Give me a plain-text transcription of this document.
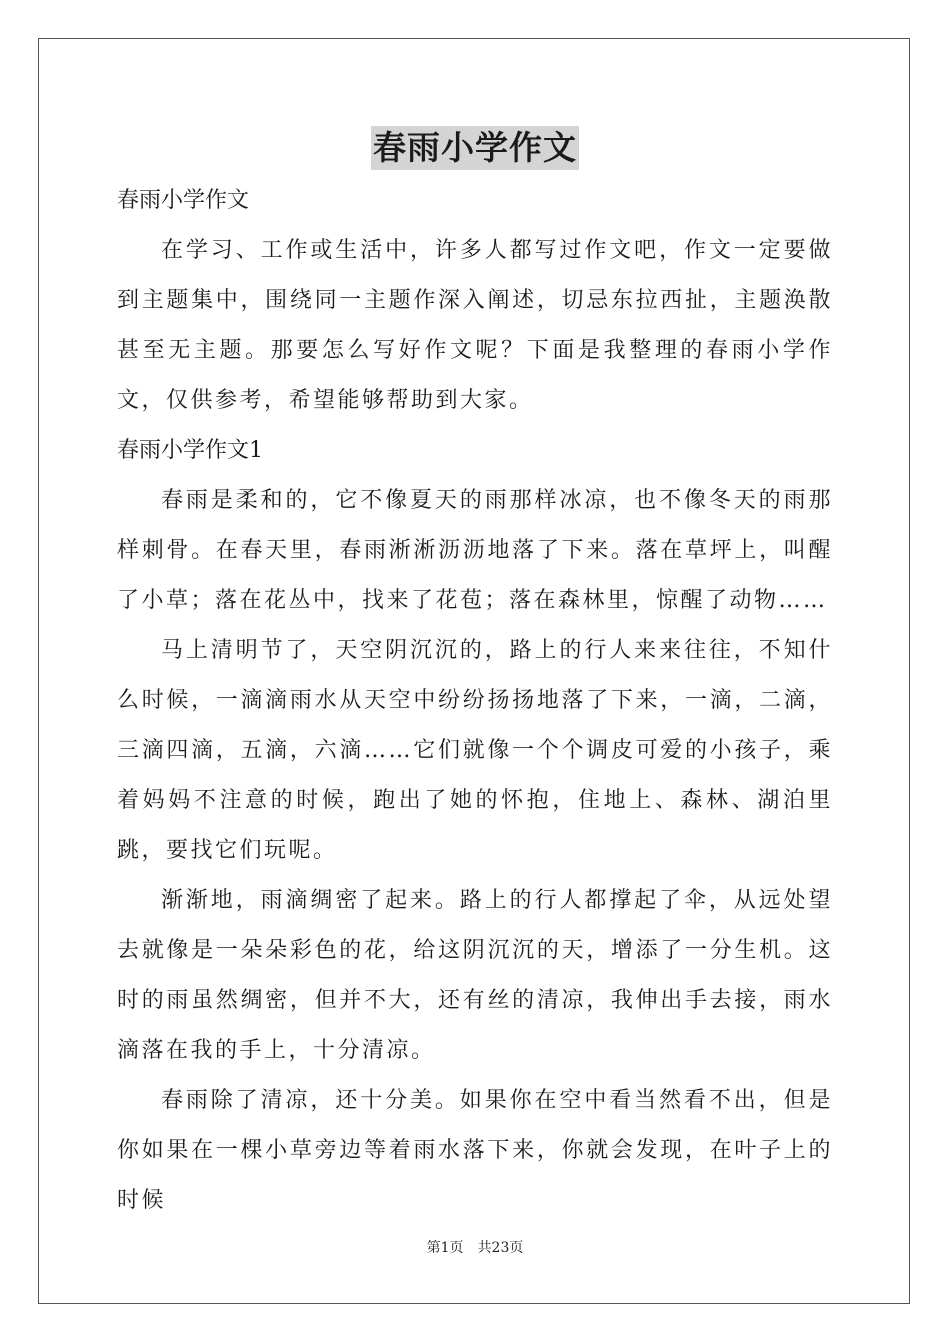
春雨小学作文

春雨小学作文

在学习、工作或生活中，许多人都写过作文吧，作文一定要做到主题集中，围绕同一主题作深入阐述，切忌东拉西扯，主题涣散甚至无主题。那要怎么写好作文呢？下面是我整理的春雨小学作文，仅供参考，希望能够帮助到大家。

春雨小学作文1

春雨是柔和的，它不像夏天的雨那样冰凉，也不像冬天的雨那样刺骨。在春天里，春雨淅淅沥沥地落了下来。落在草坪上，叫醒了小草；落在花丛中，找来了花苞；落在森林里，惊醒了动物……

马上清明节了，天空阴沉沉的，路上的行人来来往往，不知什么时候，一滴滴雨水从天空中纷纷扬扬地落了下来，一滴，二滴，三滴四滴，五滴，六滴……它们就像一个个调皮可爱的小孩子，乘着妈妈不注意的时候，跑出了她的怀抱，住地上、森林、湖泊里跳，要找它们玩呢。

渐渐地，雨滴绸密了起来。路上的行人都撑起了伞，从远处望去就像是一朵朵彩色的花，给这阴沉沉的天，增添了一分生机。这时的雨虽然绸密，但并不大，还有丝的清凉，我伸出手去接，雨水滴落在我的手上，十分清凉。

春雨除了清凉，还十分美。如果你在空中看当然看不出，但是你如果在一棵小草旁边等着雨水落下来，你就会发现，在叶子上的时候

第1页 共23页
